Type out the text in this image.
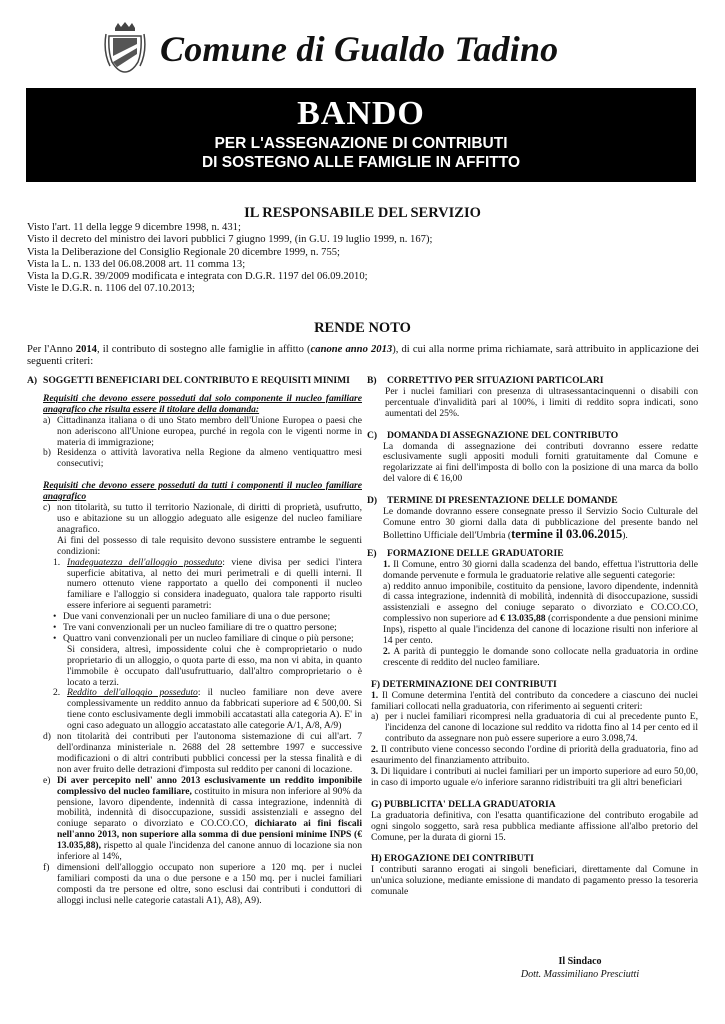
Comune di Gualdo Tadino
BANDO
PER L'ASSEGNAZIONE DI CONTRIBUTI
DI SOSTEGNO ALLE FAMIGLIE IN AFFITTO
IL RESPONSABILE DEL SERVIZIO
Visto l'art. 11 della legge 9 dicembre 1998, n. 431;
Visto il decreto del ministro dei lavori pubblici 7 giugno 1999, (in G.U. 19 luglio 1999, n. 167);
Vista la Deliberazione del Consiglio Regionale 20 dicembre 1999, n. 755;
Vista la L. n. 133 del 06.08.2008 art. 11 comma 13;
Vista la D.G.R. 39/2009 modificata e integrata con D.G.R. 1197 del 06.09.2010;
Viste le D.G.R. n. 1106 del 07.10.2013;
RENDE NOTO
Per l'Anno 2014, il contributo di sostegno alle famiglie in affitto (canone anno 2013), di cui alla norme prima richiamate, sarà attribuito in applicazione dei seguenti criteri:
A) SOGGETTI BENEFICIARI DEL CONTRIBUTO E REQUISITI MINIMI
Requisiti che devono essere posseduti dal solo componente il nucleo familiare anagrafico che risulta essere il titolare della domanda:
a) Cittadinanza italiana o di uno Stato membro dell'Unione Europea o paesi che non aderiscono all'Unione europea, purché in regola con le vigenti norme in materia di immigrazione;
b) Residenza o attività lavorativa nella Regione da almeno ventiquattro mesi consecutivi;
Requisiti che devono essere posseduti da tutti i componenti il nucleo familiare anagrafico
c) non titolarità, su tutto il territorio Nazionale, di diritti di proprietà, usufrutto, uso e abitazione su un alloggio adeguato alle esigenze del nucleo familiare anagrafico.
Ai fini del possesso di tale requisito devono sussistere entrambe le seguenti condizioni:
1. Inadeguatezza dell'alloggio posseduto: viene divisa per sedici l'intera superficie abitativa, al netto dei muri perimetrali e di quelli interni. Il numero ottenuto viene rapportato a quello dei componenti il nucleo familiare e l'alloggio si considera inadeguato, qualora tale rapporto risulti essere inferiore ai seguenti parametri:
• Due vani convenzionali per un nucleo familiare di una o due persone;
• Tre vani convenzionali per un nucleo familiare di tre o quattro persone;
• Quattro vani convenzionali per un nucleo familiare di cinque o più persone;
Si considera, altresì, impossidente colui che è comproprietario o nudo proprietario di un alloggio, o quota parte di esso, ma non vi abita, in quanto l'immobile è occupato dall'usufruttuario, dall'altro comproprietario o è locato a terzi.
2. Reddito dell'alloggio posseduto: il nucleo familiare non deve avere complessivamente un reddito annuo da fabbricati superiore ad € 500,00. Si tiene conto esclusivamente degli immobili accatastati alla categoria A). E' in ogni caso adeguato un alloggio accatastato alle categorie A/1, A/8, A/9)
d) non titolarità dei contributi per l'autonoma sistemazione di cui all'art. 7 dell'ordinanza ministeriale n. 2688 del 28 settembre 1997 e successive modificazioni o di altri contributi pubblici concessi per la stessa finalità e di non aver fruito delle detrazioni d'imposta sul reddito per canoni di locazione.
e) Di aver percepito nell' anno 2013 esclusivamente un reddito imponibile complessivo del nucleo familiare, costituito in misura non inferiore al 90% da pensione, lavoro dipendente, indennità di cassa integrazione, indennità di mobilità, indennità di disoccupazione, sussidi assistenziali e assegno del coniuge separato o divorziato e CO.CO.CO, dichiarato ai fini fiscali nell'anno 2013, non superiore alla somma di due pensioni minime INPS (€ 13.035,88), rispetto al quale l'incidenza del canone annuo di locazione sia non inferiore al 14%,
f) dimensioni dell'alloggio occupato non superiore a 120 mq. per i nuclei familiari composti da una o due persone e a 150 mq. per i nuclei familiari composti da tre persone ed oltre, sono esclusi dai contributi i conduttori di alloggi inclusi nelle categorie catastali A1), A8), A9).
B)	CORRETTIVO PER SITUAZIONI PARTICOLARI
Per i nuclei familiari con presenza di ultrasessantacinquenni o disabili con percentuale d'invalidità pari al 100%, i limiti di reddito sopra indicati, sono aumentati del 25%.
C)	DOMANDA DI ASSEGNAZIONE DEL CONTRIBUTO
La domanda di assegnazione dei contributi dovranno essere redatte esclusivamente sugli appositi moduli forniti gratuitamente dal Comune e regolarizzate ai fini dell'imposta di bollo con la posizione di una marca da bollo del valore di € 16,00
D)	TERMINE DI PRESENTAZIONE DELLE DOMANDE
Le domande dovranno essere consegnate presso il Servizio Socio Culturale del Comune entro 30 giorni dalla data di pubblicazione del presente bando nel Bollettino Ufficiale dell'Umbria (termine il 03.06.2015).
E)	FORMAZIONE DELLE GRADUATORIE
1. Il Comune, entro 30 giorni dalla scadenza del bando, effettua l'istruttoria delle domande pervenute e formula le graduatorie relative alle seguenti categorie:
a) reddito annuo imponibile, costituito da pensione, lavoro dipendente, indennità di cassa integrazione, indennità di mobilità, indennità di disoccupazione, sussidi assistenziali e assegno del coniuge separato o divorziato e CO.CO.CO, complessivo non superiore ad € 13.035,88 (corrispondente a due pensioni minime Inps), rispetto al quale l'incidenza del canone di locazione risulti non inferiore al 14 per cento.
2. A parità di punteggio le domande sono collocate nella graduatoria in ordine crescente di reddito del nucleo familiare.
F) DETERMINAZIONE DEI CONTRIBUTI
1. Il Comune determina l'entità del contributo da concedere a ciascuno dei nuclei familiari collocati nella graduatoria, con riferimento ai seguenti criteri:
a) per i nuclei familiari ricompresi nella graduatoria di cui al precedente punto E, l'incidenza del canone di locazione sul reddito va ridotta fino al 14 per cento ed il contributo da assegnare non può essere superiore a euro 3.098,74.
2. Il contributo viene concesso secondo l'ordine di priorità della graduatoria, fino ad esaurimento del finanziamento attribuito.
3. Di liquidare i contributi ai nuclei familiari per un importo superiore ad euro 50,00, in caso di importo uguale e/o inferiore saranno ridistribuiti tra gli altri beneficiari
G) PUBBLICITA' DELLA GRADUATORIA
La graduatoria definitiva, con l'esatta quantificazione del contributo erogabile ad ogni singolo soggetto, sarà resa pubblica mediante affissione all'albo pretorio del Comune, per la durata di giorni 15.
H) EROGAZIONE DEI CONTRIBUTI
I contributi saranno erogati ai singoli beneficiari, direttamente dal Comune in un'unica soluzione, mediante emissione di mandato di pagamento presso la tesoreria comunale
Il Sindaco
Dott. Massimiliano Presciutti
